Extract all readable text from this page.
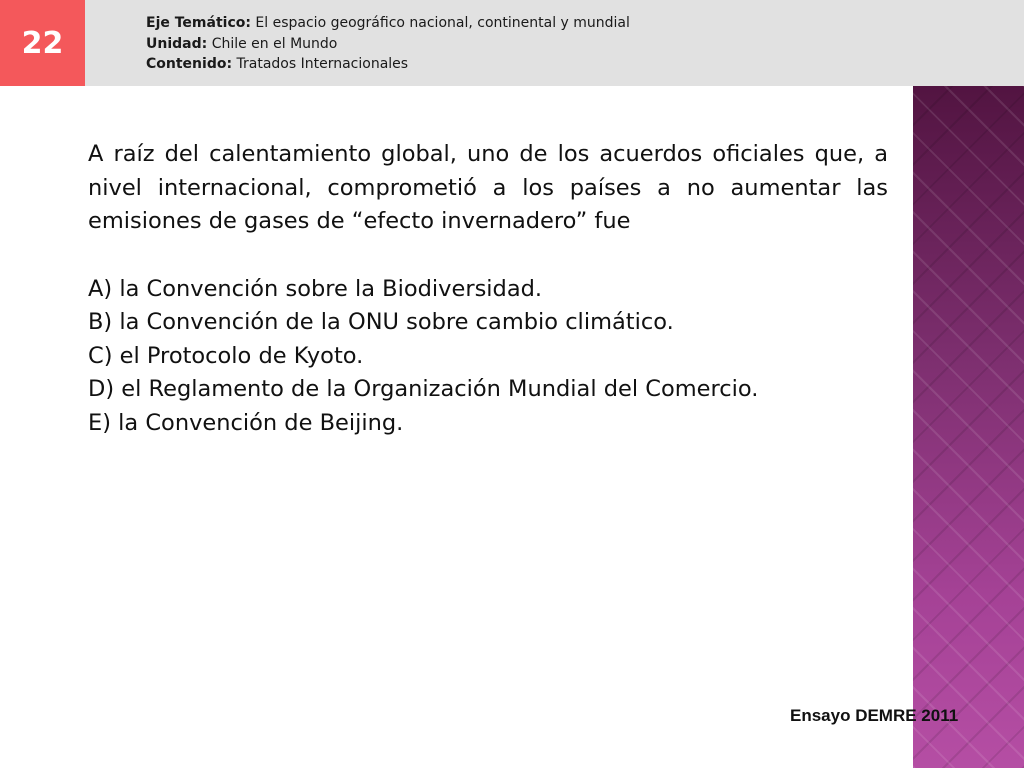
22
Eje Temático: El espacio geográfico nacional, continental y mundial
Unidad: Chile en el Mundo
Contenido: Tratados Internacionales

A raíz del calentamiento global, uno de los acuerdos oficiales que, a nivel internacional, comprometió a los países a no aumentar las emisiones de gases de “efecto invernadero” fue

A) la Convención sobre la Biodiversidad.
B) la Convención de la ONU sobre cambio climático.
C) el Protocolo de Kyoto.
D) el Reglamento de la Organización Mundial del Comercio.
E) la Convención de Beijing.
Ensayo DEMRE 2011
